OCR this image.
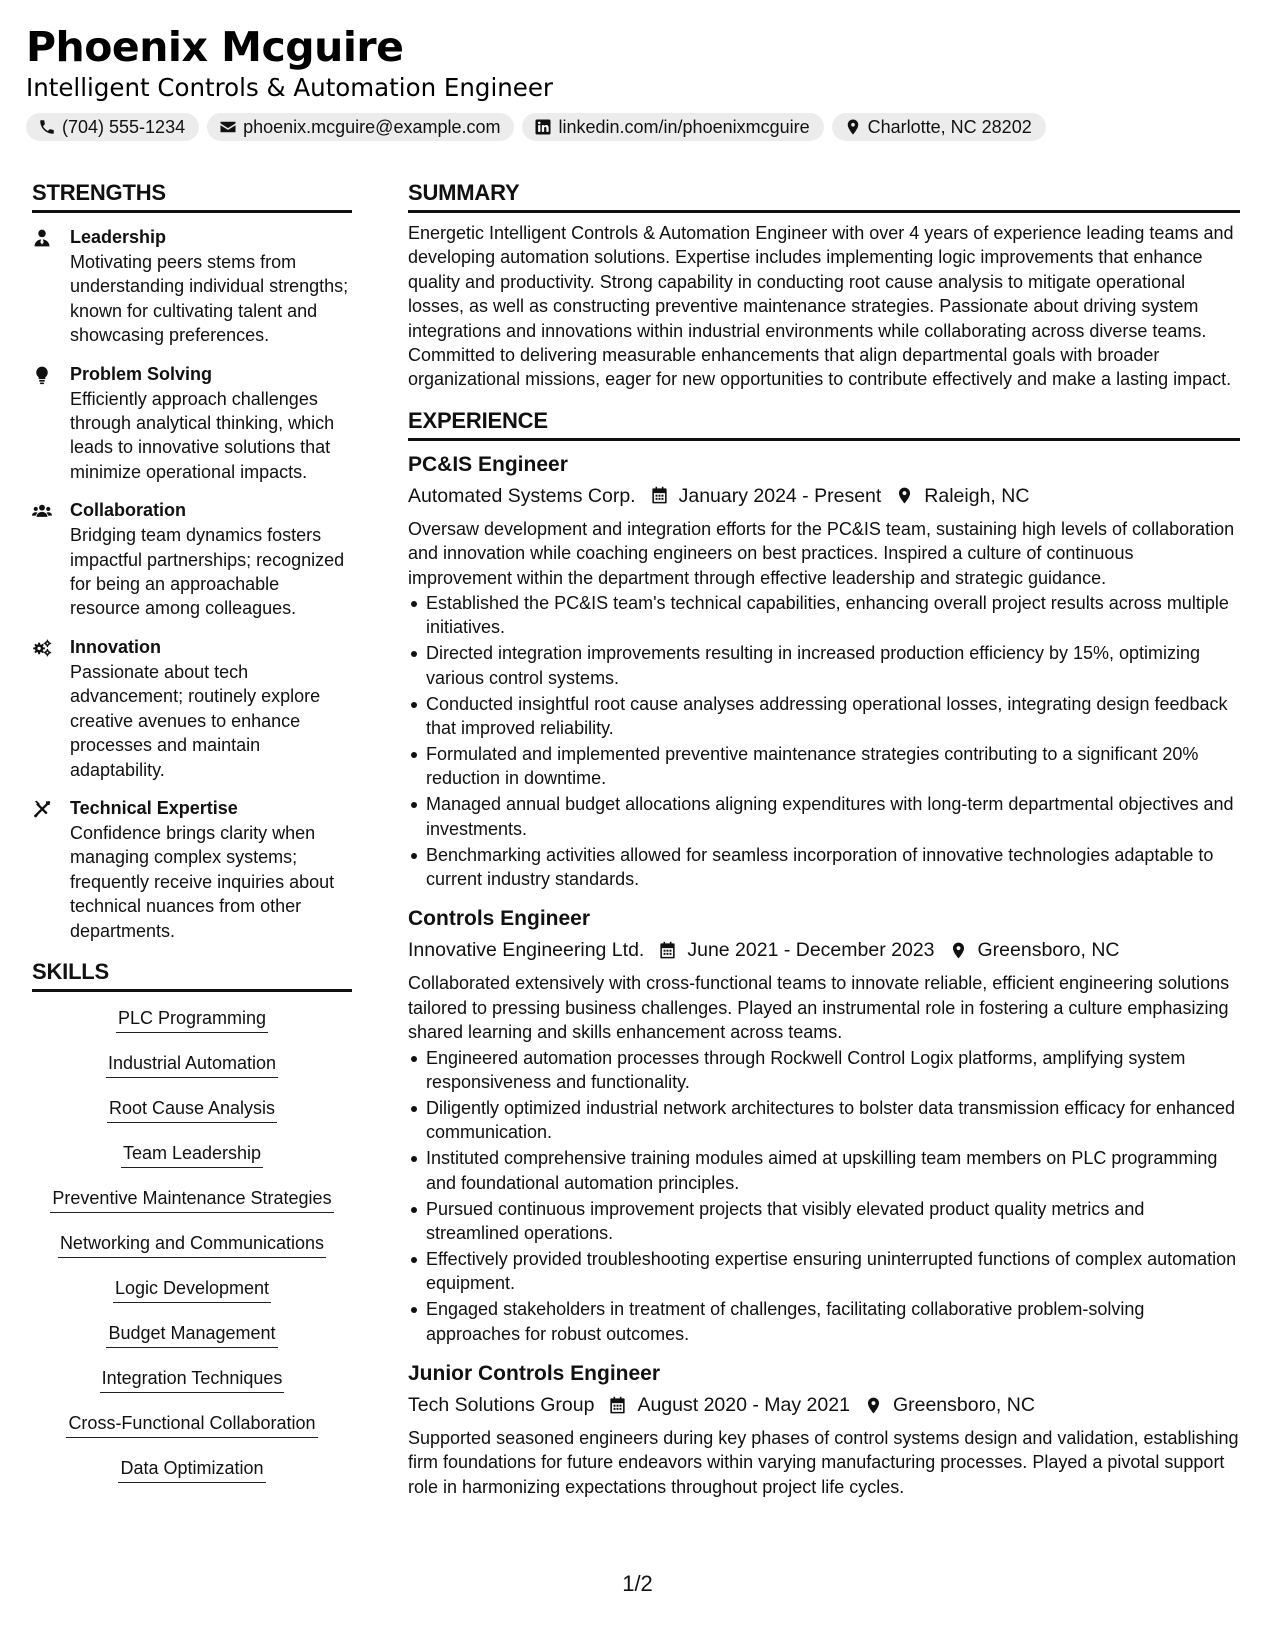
Phoenix Mcguire
Intelligent Controls & Automation Engineer
(704) 555-1234	phoenix.mcguire@example.com	linkedin.com/in/phoenixmcguire	Charlotte, NC 28202
STRENGTHS
Leadership
Motivating peers stems from understanding individual strengths; known for cultivating talent and showcasing preferences.
Problem Solving
Efficiently approach challenges through analytical thinking, which leads to innovative solutions that minimize operational impacts.
Collaboration
Bridging team dynamics fosters impactful partnerships; recognized for being an approachable resource among colleagues.
Innovation
Passionate about tech advancement; routinely explore creative avenues to enhance processes and maintain adaptability.
Technical Expertise
Confidence brings clarity when managing complex systems; frequently receive inquiries about technical nuances from other departments.
SKILLS
PLC Programming
Industrial Automation
Root Cause Analysis
Team Leadership
Preventive Maintenance Strategies
Networking and Communications
Logic Development
Budget Management
Integration Techniques
Cross-Functional Collaboration
Data Optimization
SUMMARY
Energetic Intelligent Controls & Automation Engineer with over 4 years of experience leading teams and developing automation solutions. Expertise includes implementing logic improvements that enhance quality and productivity. Strong capability in conducting root cause analysis to mitigate operational losses, as well as constructing preventive maintenance strategies. Passionate about driving system integrations and innovations within industrial environments while collaborating across diverse teams. Committed to delivering measurable enhancements that align departmental goals with broader organizational missions, eager for new opportunities to contribute effectively and make a lasting impact.
EXPERIENCE
PC&IS Engineer
Automated Systems Corp. January 2024 - Present Raleigh, NC
Oversaw development and integration efforts for the PC&IS team, sustaining high levels of collaboration and innovation while coaching engineers on best practices. Inspired a culture of continuous improvement within the department through effective leadership and strategic guidance.
Established the PC&IS team's technical capabilities, enhancing overall project results across multiple initiatives.
Directed integration improvements resulting in increased production efficiency by 15%, optimizing various control systems.
Conducted insightful root cause analyses addressing operational losses, integrating design feedback that improved reliability.
Formulated and implemented preventive maintenance strategies contributing to a significant 20% reduction in downtime.
Managed annual budget allocations aligning expenditures with long-term departmental objectives and investments.
Benchmarking activities allowed for seamless incorporation of innovative technologies adaptable to current industry standards.
Controls Engineer
Innovative Engineering Ltd. June 2021 - December 2023 Greensboro, NC
Collaborated extensively with cross-functional teams to innovate reliable, efficient engineering solutions tailored to pressing business challenges. Played an instrumental role in fostering a culture emphasizing shared learning and skills enhancement across teams.
Engineered automation processes through Rockwell Control Logix platforms, amplifying system responsiveness and functionality.
Diligently optimized industrial network architectures to bolster data transmission efficacy for enhanced communication.
Instituted comprehensive training modules aimed at upskilling team members on PLC programming and foundational automation principles.
Pursued continuous improvement projects that visibly elevated product quality metrics and streamlined operations.
Effectively provided troubleshooting expertise ensuring uninterrupted functions of complex automation equipment.
Engaged stakeholders in treatment of challenges, facilitating collaborative problem-solving approaches for robust outcomes.
Junior Controls Engineer
Tech Solutions Group August 2020 - May 2021 Greensboro, NC
Supported seasoned engineers during key phases of control systems design and validation, establishing firm foundations for future endeavors within varying manufacturing processes. Played a pivotal support role in harmonizing expectations throughout project life cycles.
1/2
